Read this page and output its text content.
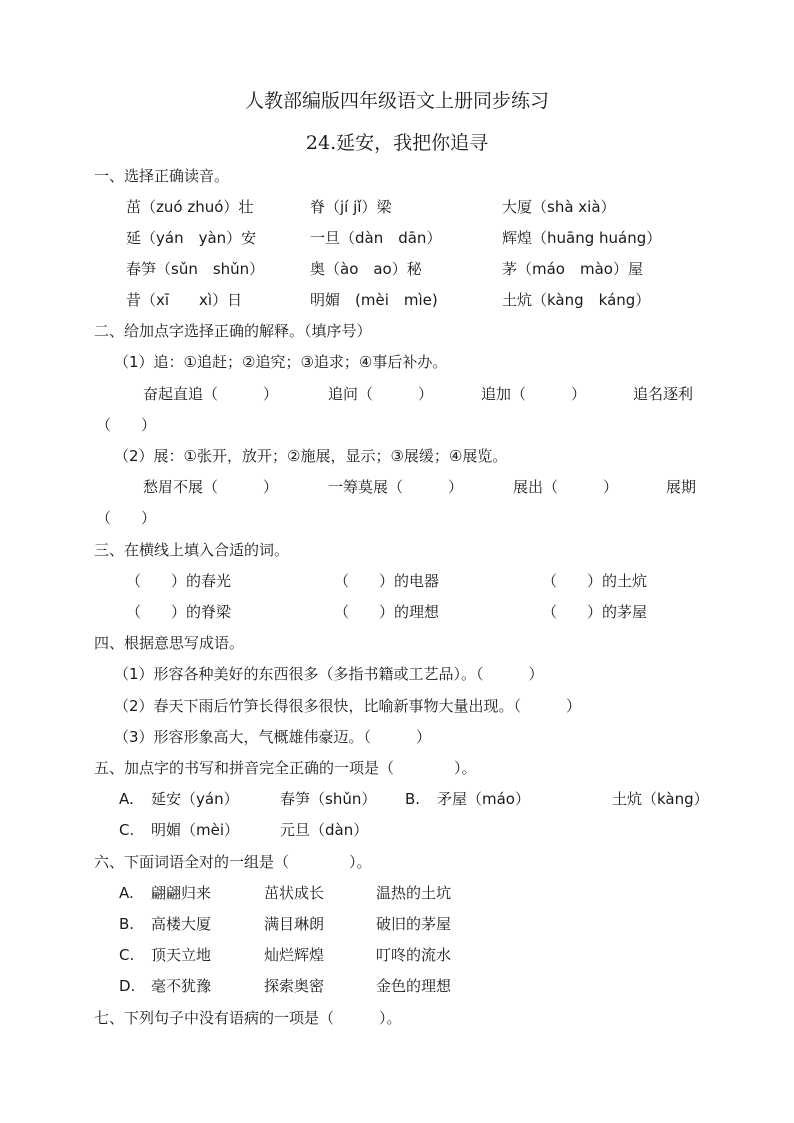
人教部编版四年级语文上册同步练习
24.延安，我把你追寻
一、选择正确读音。
茁（zuó zhuó）壮	脊（jí jǐ）梁	大厦（shà xià）
延（yán　yàn）安	一旦（dàn　dān）	辉煌（huāng huáng）
春笋（sǔn　shǔn）	奥（ào　ao）秘	茅（máo　mào）屋
昔（xī　　xì）日	明媚　(mèi　mìe)	土炕（kàng　káng）
二、给加点字选择正确的解释。（填序号）
（1）追：①追赶；②追究；③追求；④事后补办。
奋起直追（　　　）	追问（　　　）	追加（　　　）	追名逐利
（　　）
（2）展：①张开，放开；②施展，显示；③展缓；④展览。
愁眉不展（　　　）	一筹莫展（　　　）	展出（　　　）	展期
（　　）
三、在横线上填入合适的词。
（　　）的春光	（　　）的电器	（　　）的土炕
（　　）的脊梁	（　　）的理想	（　　）的茅屋
四、根据意思写成语。
（1）形容各种美好的东西很多（多指书籍或工艺品）。（　　　）
（2）春天下雨后竹笋长得很多很快，比喻新事物大量出现。（　　　）
（3）形容形象高大，气概雄伟豪迈。（　　　）
五、加点字的书写和拼音完全正确的一项是（　　　　）。
A. 延安（yán）	春笋（shǔn） B. 矛屋（máo）	土炕（kàng）
C. 明媚（mèi）	元旦（dàn）
六、下面词语全对的一组是（　　　　）。
A. 翩翩归来	茁状成长	温热的土坑
B. 高楼大厦	满目琳朗	破旧的茅屋
C. 顶天立地	灿烂辉煌	叮咚的流水
D. 毫不犹豫	探索奥密	金色的理想
七、下列句子中没有语病的一项是（　　　）。
